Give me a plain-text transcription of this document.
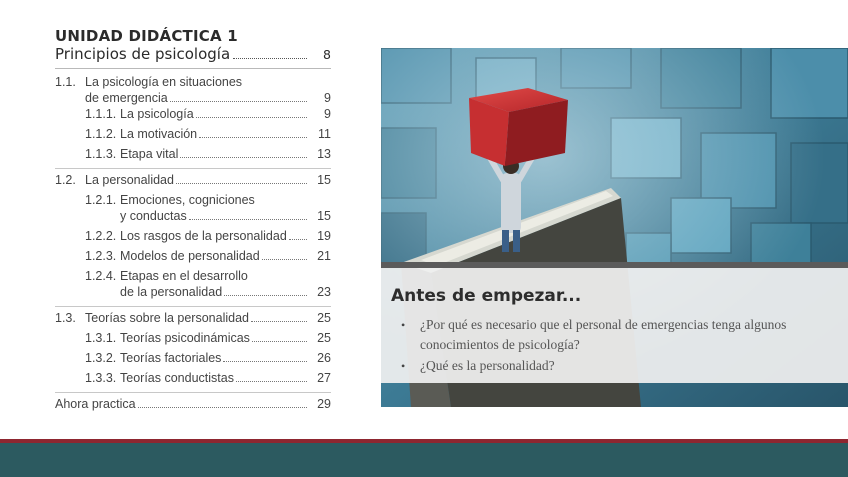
UNIDAD DIDÁCTICA 1
Principios de psicología	8
1.1. La psicología en situaciones
de emergencia	9
1.1.1. La psicología	9
1.1.2. La motivación	11
1.1.3. Etapa vital	13
1.2. La personalidad	15
1.2.1. Emociones, cogniciones
y conductas	15
1.2.2. Los rasgos de la personalidad	19
1.2.3. Modelos de personalidad	21
1.2.4. Etapas en el desarrollo
de la personalidad	23
1.3. Teorías sobre la personalidad	25
1.3.1. Teorías psicodinámicas	25
1.3.2. Teorías factoriales	26
1.3.3. Teorías conductistas	27
Ahora practica	29
Antes de empezar...
• ¿Por qué es necesario que el personal de emergencias tenga algunos conocimientos de psicología?
• ¿Qué es la personalidad?
